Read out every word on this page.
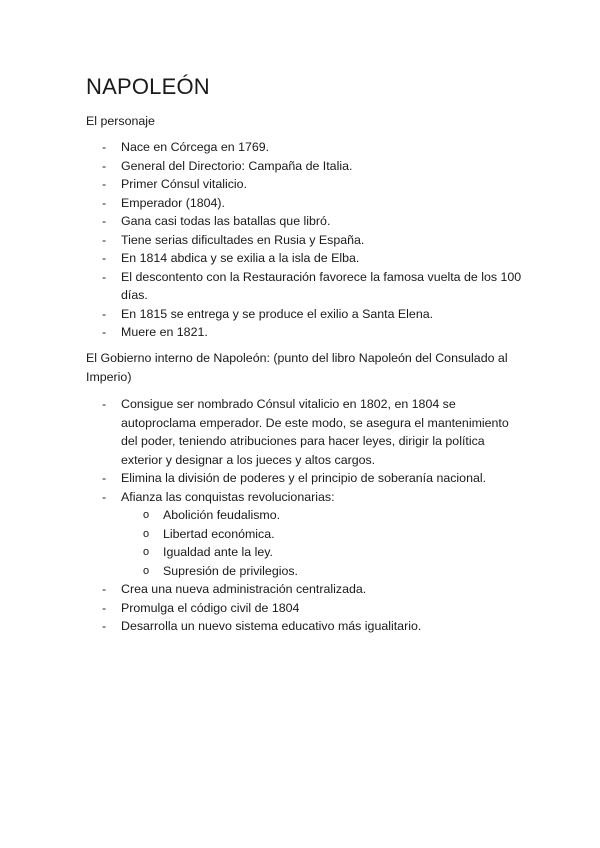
NAPOLEÓN

El personaje

- Nace en Córcega en 1769.
- General del Directorio: Campaña de Italia.
- Primer Cónsul vitalicio.
- Emperador (1804).
- Gana casi todas las batallas que libró.
- Tiene serias dificultades en Rusia y España.
- En 1814 abdica y se exilia a la isla de Elba.
- El descontento con la Restauración favorece la famosa vuelta de los 100 días.
- En 1815 se entrega y se produce el exilio a Santa Elena.
- Muere en 1821.

El Gobierno interno de Napoleón: (punto del libro Napoleón del Consulado al Imperio)

- Consigue ser nombrado Cónsul vitalicio en 1802, en 1804 se autoproclama emperador. De este modo, se asegura el mantenimiento del poder, teniendo atribuciones para hacer leyes, dirigir la política exterior y designar a los jueces y altos cargos.
- Elimina la división de poderes y el principio de soberanía nacional.
- Afianza las conquistas revolucionarias:
o Abolición feudalismo.
o Libertad económica.
o Igualdad ante la ley.
o Supresión de privilegios.
- Crea una nueva administración centralizada.
- Promulga el código civil de 1804
- Desarrolla un nuevo sistema educativo más igualitario.
